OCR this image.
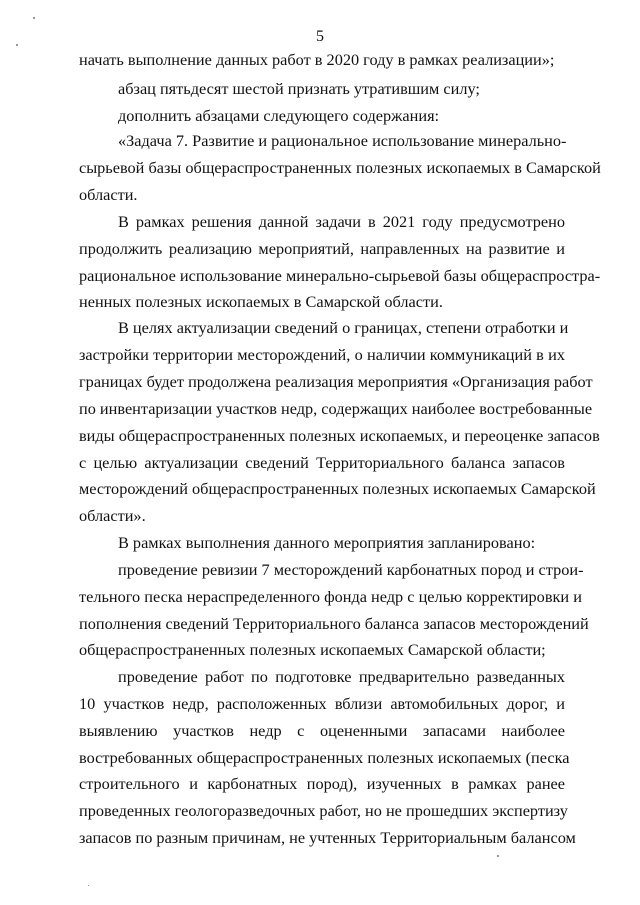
5
начать выполнение данных работ в 2020 году в рамках реализации»;
абзац пятьдесят шестой признать утратившим силу;
дополнить абзацами следующего содержания:
«Задача 7. Развитие и рациональное использование минерально-
сырьевой базы общераспространенных полезных ископаемых в Самарской
области.
В рамках решения данной задачи в 2021 году предусмотрено
продолжить реализацию мероприятий, направленных на развитие и
рациональное использование минерально-сырьевой базы общераспростра-
ненных полезных ископаемых в Самарской области.
В целях актуализации сведений о границах, степени отработки и
застройки территории месторождений, о наличии коммуникаций в их
границах будет продолжена реализация мероприятия «Организация работ
по инвентаризации участков недр, содержащих наиболее востребованные
виды общераспространенных полезных ископаемых, и переоценке запасов
с целью актуализации сведений Территориального баланса запасов
месторождений общераспространенных полезных ископаемых Самарской
области».
В рамках выполнения данного мероприятия запланировано:
проведение ревизии 7 месторождений карбонатных пород и строи-
тельного песка нераспределенного фонда недр с целью корректировки и
пополнения сведений Территориального баланса запасов месторождений
общераспространенных полезных ископаемых Самарской области;
проведение работ по подготовке предварительно разведанных
10 участков недр, расположенных вблизи автомобильных дорог, и
выявлению участков недр с оцененными запасами наиболее
востребованных общераспространенных полезных ископаемых (песка
строительного и карбонатных пород), изученных в рамках ранее
проведенных геологоразведочных работ, но не прошедших экспертизу
запасов по разным причинам, не учтенных Территориальным балансом
